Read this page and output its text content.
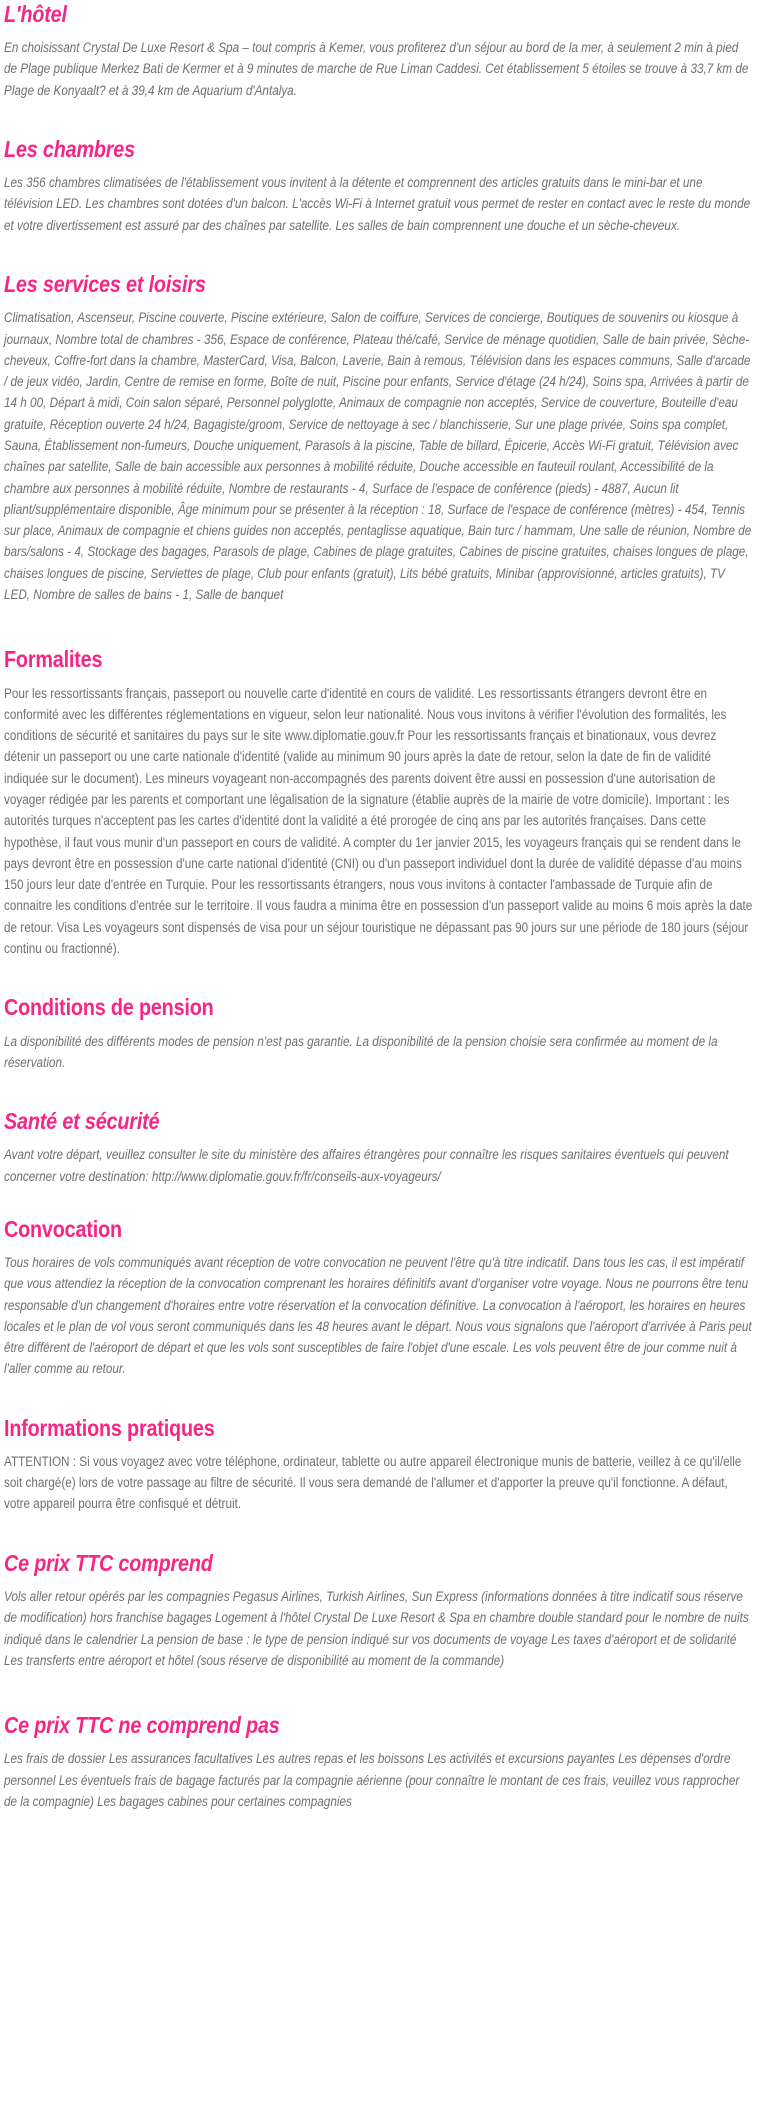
L'hôtel

En choisissant Crystal De Luxe Resort & Spa – tout compris à Kemer, vous profiterez d'un séjour au bord de la mer, à seulement 2 min à pied de Plage publique Merkez Bati de Kermer et à 9 minutes de marche de Rue Liman Caddesi. Cet établissement 5 étoiles se trouve à 33,7 km de Plage de Konyaalt? et à 39,4 km de Aquarium d'Antalya.

Les chambres

Les 356 chambres climatisées de l'établissement vous invitent à la détente et comprennent des articles gratuits dans le mini-bar et une télévision LED. Les chambres sont dotées d'un balcon. L'accès Wi-Fi à Internet gratuit vous permet de rester en contact avec le reste du monde et votre divertissement est assuré par des chaînes par satellite. Les salles de bain comprennent une douche et un sèche-cheveux.

Les services et loisirs

Climatisation, Ascenseur, Piscine couverte, Piscine extérieure, Salon de coiffure, Services de concierge, Boutiques de souvenirs ou kiosque à journaux, Nombre total de chambres - 356, Espace de conférence, Plateau thé/café, Service de ménage quotidien, Salle de bain privée, Sèche-cheveux, Coffre-fort dans la chambre, MasterCard, Visa, Balcon, Laverie, Bain à remous, Télévision dans les espaces communs, Salle d'arcade / de jeux vidéo, Jardin, Centre de remise en forme, Boîte de nuit, Piscine pour enfants, Service d'étage (24 h/24), Soins spa, Arrivées à partir de 14 h 00, Départ à midi, Coin salon séparé, Personnel polyglotte, Animaux de compagnie non acceptés, Service de couverture, Bouteille d'eau gratuite, Réception ouverte 24 h/24, Bagagiste/groom, Service de nettoyage à sec / blanchisserie, Sur une plage privée, Soins spa complet, Sauna, Établissement non-fumeurs, Douche uniquement, Parasols à la piscine, Table de billard, Épicerie, Accès Wi-Fi gratuit, Télévision avec chaînes par satellite, Salle de bain accessible aux personnes à mobilité réduite, Douche accessible en fauteuil roulant, Accessibilité de la chambre aux personnes à mobilité réduite, Nombre de restaurants - 4, Surface de l'espace de conférence (pieds) - 4887, Aucun lit pliant/supplémentaire disponible, Âge minimum pour se présenter à la réception : 18, Surface de l'espace de conférence (mètres) - 454, Tennis sur place, Animaux de compagnie et chiens guides non acceptés, pentaglisse aquatique, Bain turc / hammam, Une salle de réunion, Nombre de bars/salons - 4, Stockage des bagages, Parasols de plage, Cabines de plage gratuites, Cabines de piscine gratuites, chaises longues de plage, chaises longues de piscine, Serviettes de plage, Club pour enfants (gratuit), Lits bébé gratuits, Minibar (approvisionné, articles gratuits), TV LED, Nombre de salles de bains - 1, Salle de banquet

Formalites

Pour les ressortissants français, passeport ou nouvelle carte d'identité en cours de validité. Les ressortissants étrangers devront être en conformité avec les différentes réglementations en vigueur, selon leur nationalité. Nous vous invitons à vérifier l'évolution des formalités, les conditions de sécurité et sanitaires du pays sur le site www.diplomatie.gouv.fr Pour les ressortissants français et binationaux, vous devrez détenir un passeport ou une carte nationale d'identité (valide au minimum 90 jours après la date de retour, selon la date de fin de validité indiquée sur le document). Les mineurs voyageant non-accompagnés des parents doivent être aussi en possession d'une autorisation de voyager rédigée par les parents et comportant une légalisation de la signature (établie auprès de la mairie de votre domicile). Important : les autorités turques n'acceptent pas les cartes d'identité dont la validité a été prorogée de cinq ans par les autorités françaises. Dans cette hypothèse, il faut vous munir d'un passeport en cours de validité. A compter du 1er janvier 2015, les voyageurs français qui se rendent dans le pays devront être en possession d'une carte national d'identité (CNI) ou d'un passeport individuel dont la durée de validité dépasse d'au moins 150 jours leur date d'entrée en Turquie. Pour les ressortissants étrangers, nous vous invitons à contacter l'ambassade de Turquie afin de connaitre les conditions d'entrée sur le territoire. Il vous faudra a minima être en possession d'un passeport valide au moins 6 mois après la date de retour. Visa Les voyageurs sont dispensés de visa pour un séjour touristique ne dépassant pas 90 jours sur une période de 180 jours (séjour continu ou fractionné).

Conditions de pension

La disponibilité des différents modes de pension n'est pas garantie. La disponibilité de la pension choisie sera confirmée au moment de la réservation.

Santé et sécurité

Avant votre départ, veuillez consulter le site du ministère des affaires étrangères pour connaître les risques sanitaires éventuels qui peuvent concerner votre destination: http://www.diplomatie.gouv.fr/fr/conseils-aux-voyageurs/

Convocation

Tous horaires de vols communiqués avant réception de votre convocation ne peuvent l'être qu'à titre indicatif. Dans tous les cas, il est impératif que vous attendiez la réception de la convocation comprenant les horaires définitifs avant d'organiser votre voyage. Nous ne pourrons être tenu responsable d'un changement d'horaires entre votre réservation et la convocation définitive. La convocation à l'aéroport, les horaires en heures locales et le plan de vol vous seront communiqués dans les 48 heures avant le départ. Nous vous signalons que l'aéroport d'arrivée à Paris peut être différent de l'aéroport de départ et que les vols sont susceptibles de faire l'objet d'une escale. Les vols peuvent être de jour comme nuit à l'aller comme au retour.

Informations pratiques

ATTENTION : Si vous voyagez avec votre téléphone, ordinateur, tablette ou autre appareil électronique munis de batterie, veillez à ce qu'il/elle soit chargé(e) lors de votre passage au filtre de sécurité. Il vous sera demandé de l'allumer et d'apporter la preuve qu'il fonctionne. A défaut, votre appareil pourra être confisqué et détruit.

Ce prix TTC comprend

Vols aller retour opérés par les compagnies Pegasus Airlines, Turkish Airlines, Sun Express (informations données à titre indicatif sous réserve de modification) hors franchise bagages Logement à l'hôtel Crystal De Luxe Resort & Spa en chambre double standard pour le nombre de nuits indiqué dans le calendrier La pension de base : le type de pension indiqué sur vos documents de voyage Les taxes d'aéroport et de solidarité Les transferts entre aéroport et hôtel (sous réserve de disponibilité au moment de la commande)

Ce prix TTC ne comprend pas

Les frais de dossier Les assurances facultatives Les autres repas et les boissons Les activités et excursions payantes Les dépenses d'ordre personnel Les éventuels frais de bagage facturés par la compagnie aérienne (pour connaître le montant de ces frais, veuillez vous rapprocher de la compagnie) Les bagages cabines pour certaines compagnies
